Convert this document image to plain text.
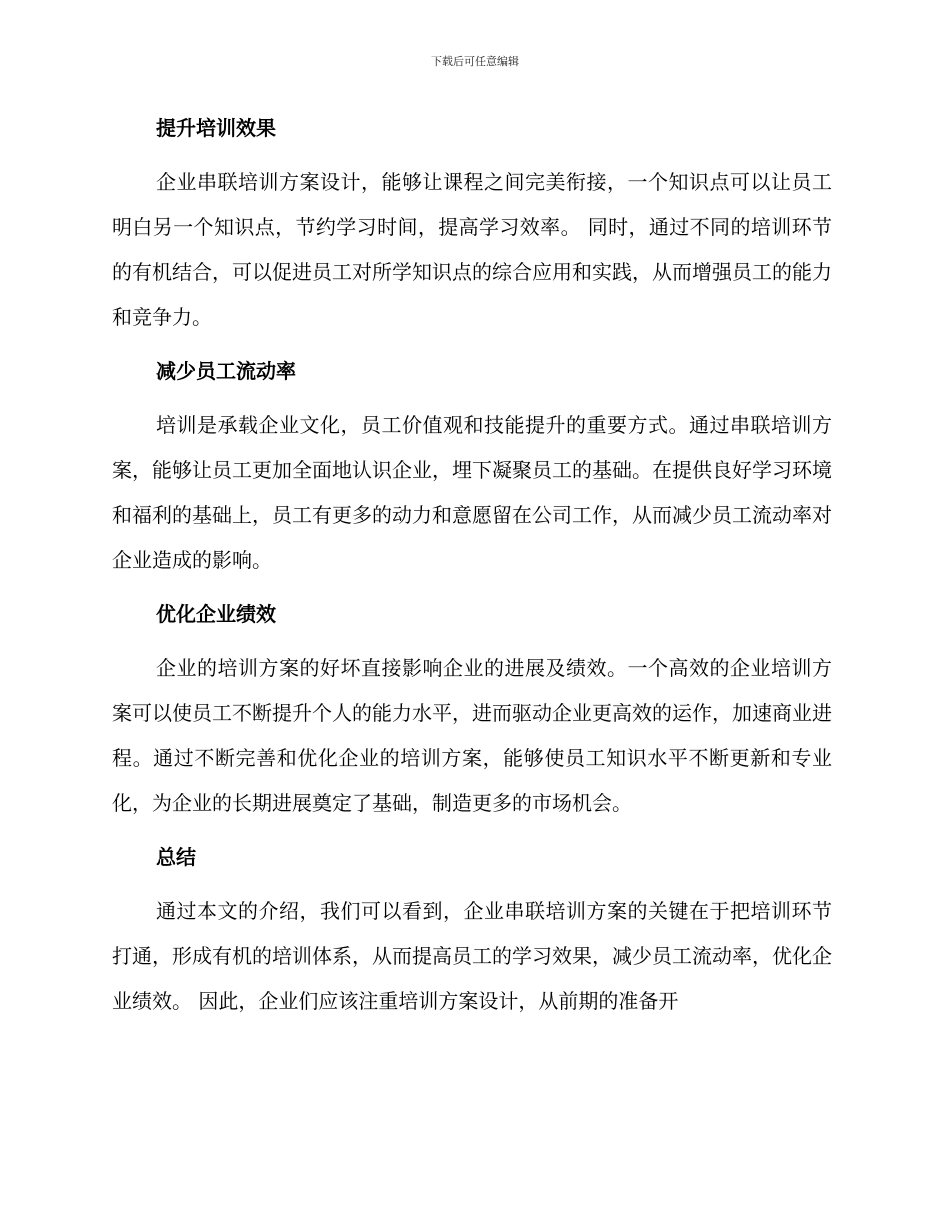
下载后可任意编辑
提升培训效果

企业串联培训方案设计，能够让课程之间完美衔接，一个知识点可以让员工明白另一个知识点，节约学习时间，提高学习效率。 同时，通过不同的培训环节的有机结合，可以促进员工对所学知识点的综合应用和实践，从而增强员工的能力和竞争力。

减少员工流动率

培训是承载企业文化，员工价值观和技能提升的重要方式。通过串联培训方案，能够让员工更加全面地认识企业，埋下凝聚员工的基础。在提供良好学习环境和福利的基础上，员工有更多的动力和意愿留在公司工作，从而减少员工流动率对企业造成的影响。

优化企业绩效

企业的培训方案的好坏直接影响企业的进展及绩效。一个高效的企业培训方案可以使员工不断提升个人的能力水平，进而驱动企业更高效的运作，加速商业进程。通过不断完善和优化企业的培训方案，能够使员工知识水平不断更新和专业化，为企业的长期进展奠定了基础，制造更多的市场机会。

总结

通过本文的介绍，我们可以看到，企业串联培训方案的关键在于把培训环节打通，形成有机的培训体系，从而提高员工的学习效果，减少员工流动率，优化企业绩效。 因此，企业们应该注重培训方案设计，从前期的准备开
